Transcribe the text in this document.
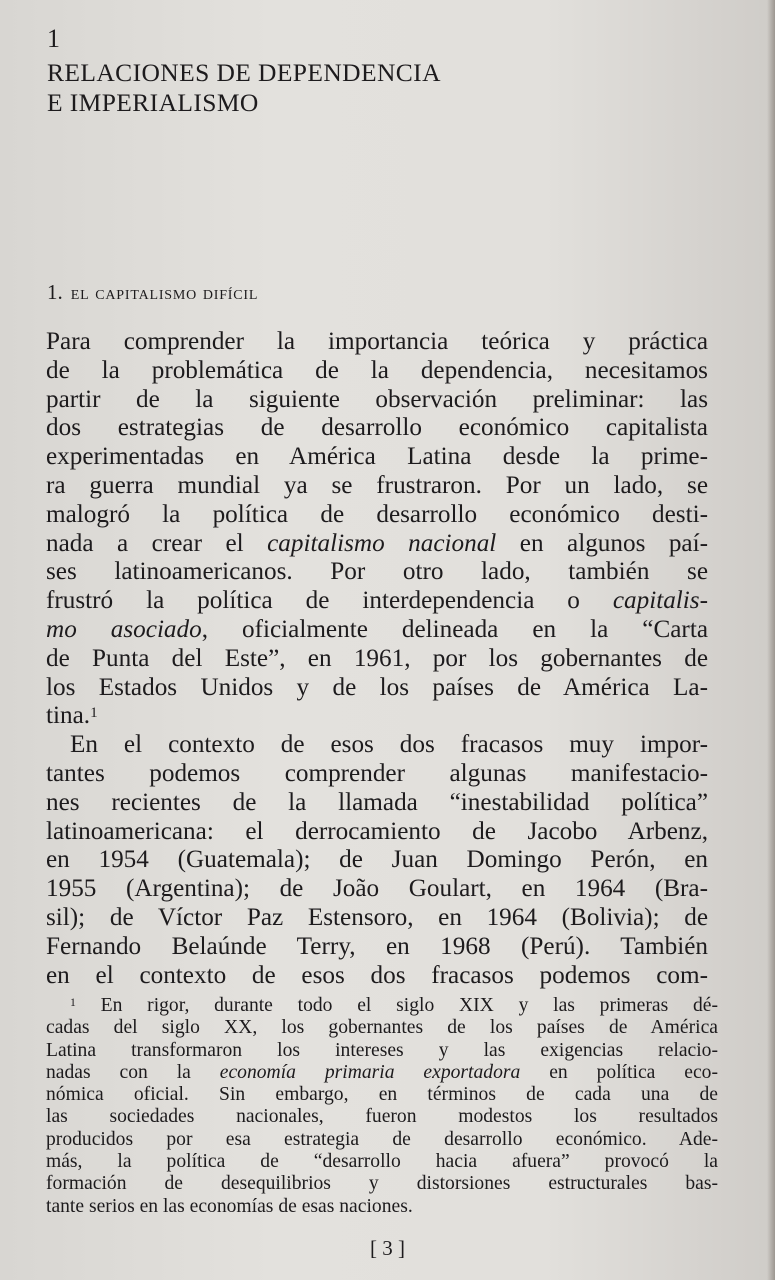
1
RELACIONES DE DEPENDENCIA
E IMPERIALISMO
1. el capitalismo difícil
Para comprender la importancia teórica y práctica
de la problemática de la dependencia, necesitamos
partir de la siguiente observación preliminar: las
dos estrategias de desarrollo económico capitalista
experimentadas en América Latina desde la prime-
ra guerra mundial ya se frustraron. Por un lado, se
malogró la política de desarrollo económico desti-
nada a crear el capitalismo nacional en algunos paí-
ses latinoamericanos. Por otro lado, también se
frustró la política de interdependencia o capitalis-
mo asociado, oficialmente delineada en la “Carta
de Punta del Este”, en 1961, por los gobernantes de
los Estados Unidos y de los países de América La-
tina.$^1$
En el contexto de esos dos fracasos muy impor-
tantes podemos comprender algunas manifestacio-
nes recientes de la llamada “inestabilidad política”
latinoamericana: el derrocamiento de Jacobo Arbenz,
en 1954 (Guatemala); de Juan Domingo Perón, en
1955 (Argentina); de João Goulart, en 1964 (Bra-
sil); de Víctor Paz Estensoro, en 1964 (Bolivia); de
Fernando Belaúnde Terry, en 1968 (Perú). También
en el contexto de esos dos fracasos podemos com-
$^1$ En rigor, durante todo el siglo XIX y las primeras dé-
cadas del siglo XX, los gobernantes de los países de América
Latina transformaron los intereses y las exigencias relacio-
nadas con la economía primaria exportadora en política eco-
nómica oficial. Sin embargo, en términos de cada una de
las sociedades nacionales, fueron modestos los resultados
producidos por esa estrategia de desarrollo económico. Ade-
más, la política de “desarrollo hacia afuera” provocó la
formación de desequilibrios y distorsiones estructurales bas-
tante serios en las economías de esas naciones.
[ 3 ]
